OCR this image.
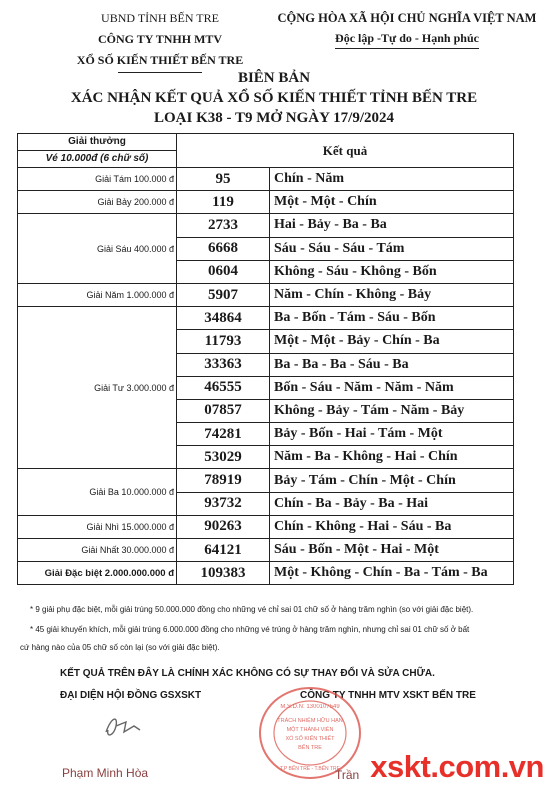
UBND TỈNH BẾN TRE
CÔNG TY TNHH MTV
XỔ SỐ KIẾN THIẾT BẾN TRE
CỘNG HÒA XÃ HỘI CHỦ NGHĨA VIỆT NAM
Độc lập -Tự do - Hạnh phúc
BIÊN BẢN
XÁC NHẬN KẾT QUẢ XỔ SỐ KIẾN THIẾT TỈNH BẾN TRE
LOẠI K38 - T9 MỞ NGÀY 17/9/2024
Giải thưởng
Vé 10.000đ (6 chữ số)	Kết quả	
Giải Tám 100.000 đ	95	Chín - Năm
Giải Bảy 200.000 đ	119	Một - Một - Chín
Giải Sáu 400.000 đ	2733	Hai - Bảy - Ba - Ba
	6668	Sáu - Sáu - Sáu - Tám
	0604	Không - Sáu - Không - Bốn
Giải Năm 1.000.000 đ	5907	Năm - Chín - Không - Bảy
Giải Tư 3.000.000 đ	34864	Ba - Bốn - Tám - Sáu - Bốn
	11793	Một - Một - Bảy - Chín - Ba
	33363	Ba - Ba - Ba - Sáu - Ba
	46555	Bốn - Sáu - Năm - Năm - Năm
	07857	Không - Bảy - Tám - Năm - Bảy
	74281	Bảy - Bốn - Hai - Tám - Một
	53029	Năm - Ba - Không - Hai - Chín
Giải Ba 10.000.000 đ	78919	Bảy - Tám - Chín - Một - Chín
	93732	Chín - Ba - Bảy - Ba - Hai
Giải Nhì 15.000.000 đ	90263	Chín - Không - Hai - Sáu - Ba
Giải Nhất 30.000.000 đ	64121	Sáu - Bốn - Một - Hai - Một
Giải Đặc biệt 2.000.000.000 đ	109383	Một - Không - Chín - Ba - Tám - Ba
* 9 giải phụ đặc biệt, mỗi giải trúng 50.000.000 đồng cho những vé chỉ sai 01 chữ số ở hàng trăm nghìn (so với giải đặc biệt).
* 45 giải khuyến khích, mỗi giải trúng 6.000.000 đồng cho những vé trúng ở hàng trăm nghìn, nhưng chỉ sai 01 chữ số ở bất
cứ hàng nào của 05 chữ số còn lại (so với giải đặc biệt).
KẾT QUẢ TRÊN ĐÂY LÀ CHÍNH XÁC KHÔNG CÓ SỰ THAY ĐỔI VÀ SỬA CHỮA.
ĐẠI DIỆN HỘI ĐỒNG GSXSKT	CÔNG TY TNHH MTV XSKT BẾN TRE
M.S.D.N: 1300107549
TRÁCH NHIỆM HỮU HẠN
MỘT THÀNH VIÊN
XỔ SỐ KIẾN THIẾT
BẾN TRE
T.P BẾN TRE - T.BẾN TRE
Phạm Minh Hòa	Trần xskt.com.vn
